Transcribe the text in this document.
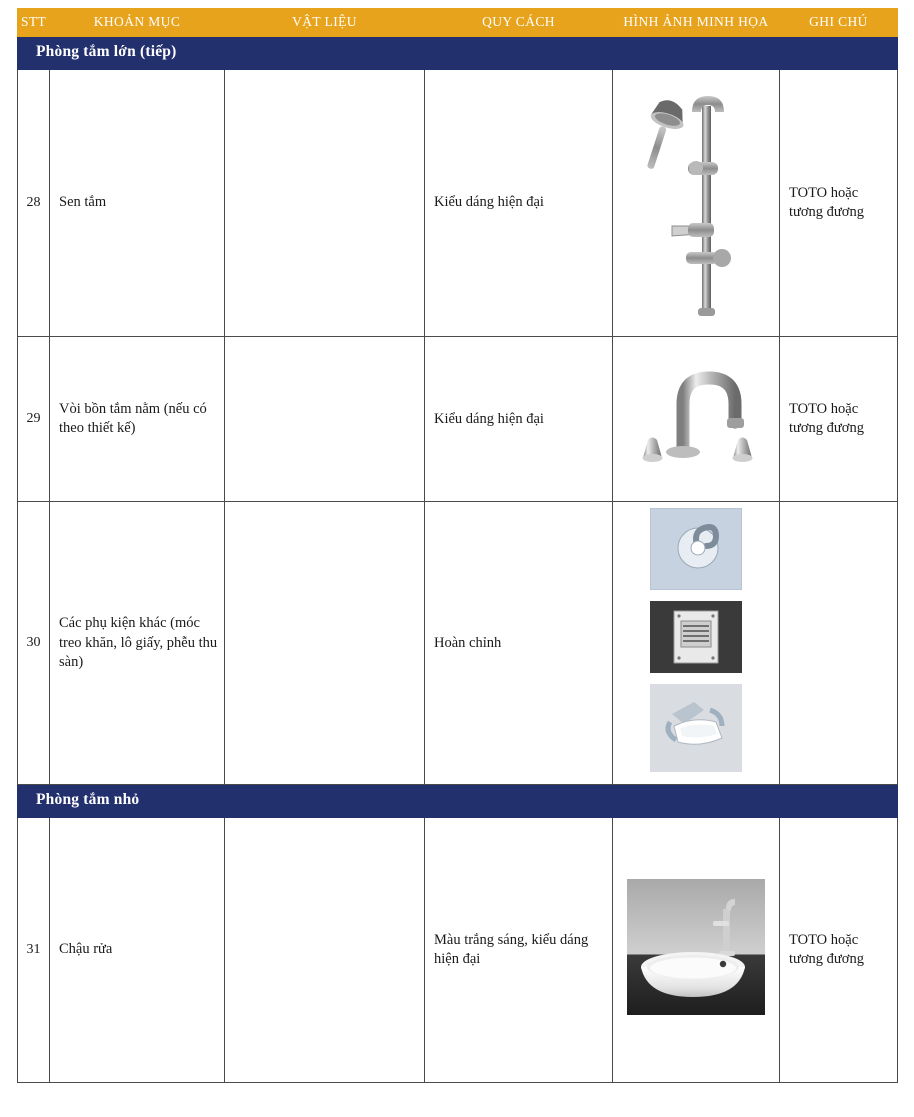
STT	KHOẢN MỤC	VẬT LIỆU	QUY CÁCH	HÌNH ẢNH MINH HỌA	GHI CHÚ
Phòng tắm lớn (tiếp)					
28	Sen tắm		Kiểu dáng hiện đại		TOTO hoặc tương đương
29	Vòi bồn tắm nằm (nếu có theo thiết kế)		Kiểu dáng hiện đại		TOTO hoặc tương đương
30	Các phụ kiện khác (móc treo khăn, lô giấy, phễu thu sàn)		Hoàn chỉnh	

Phòng tắm nhỏ					
31	Chậu rửa		Màu trắng sáng, kiểu dáng hiện đại		TOTO hoặc tương đương
